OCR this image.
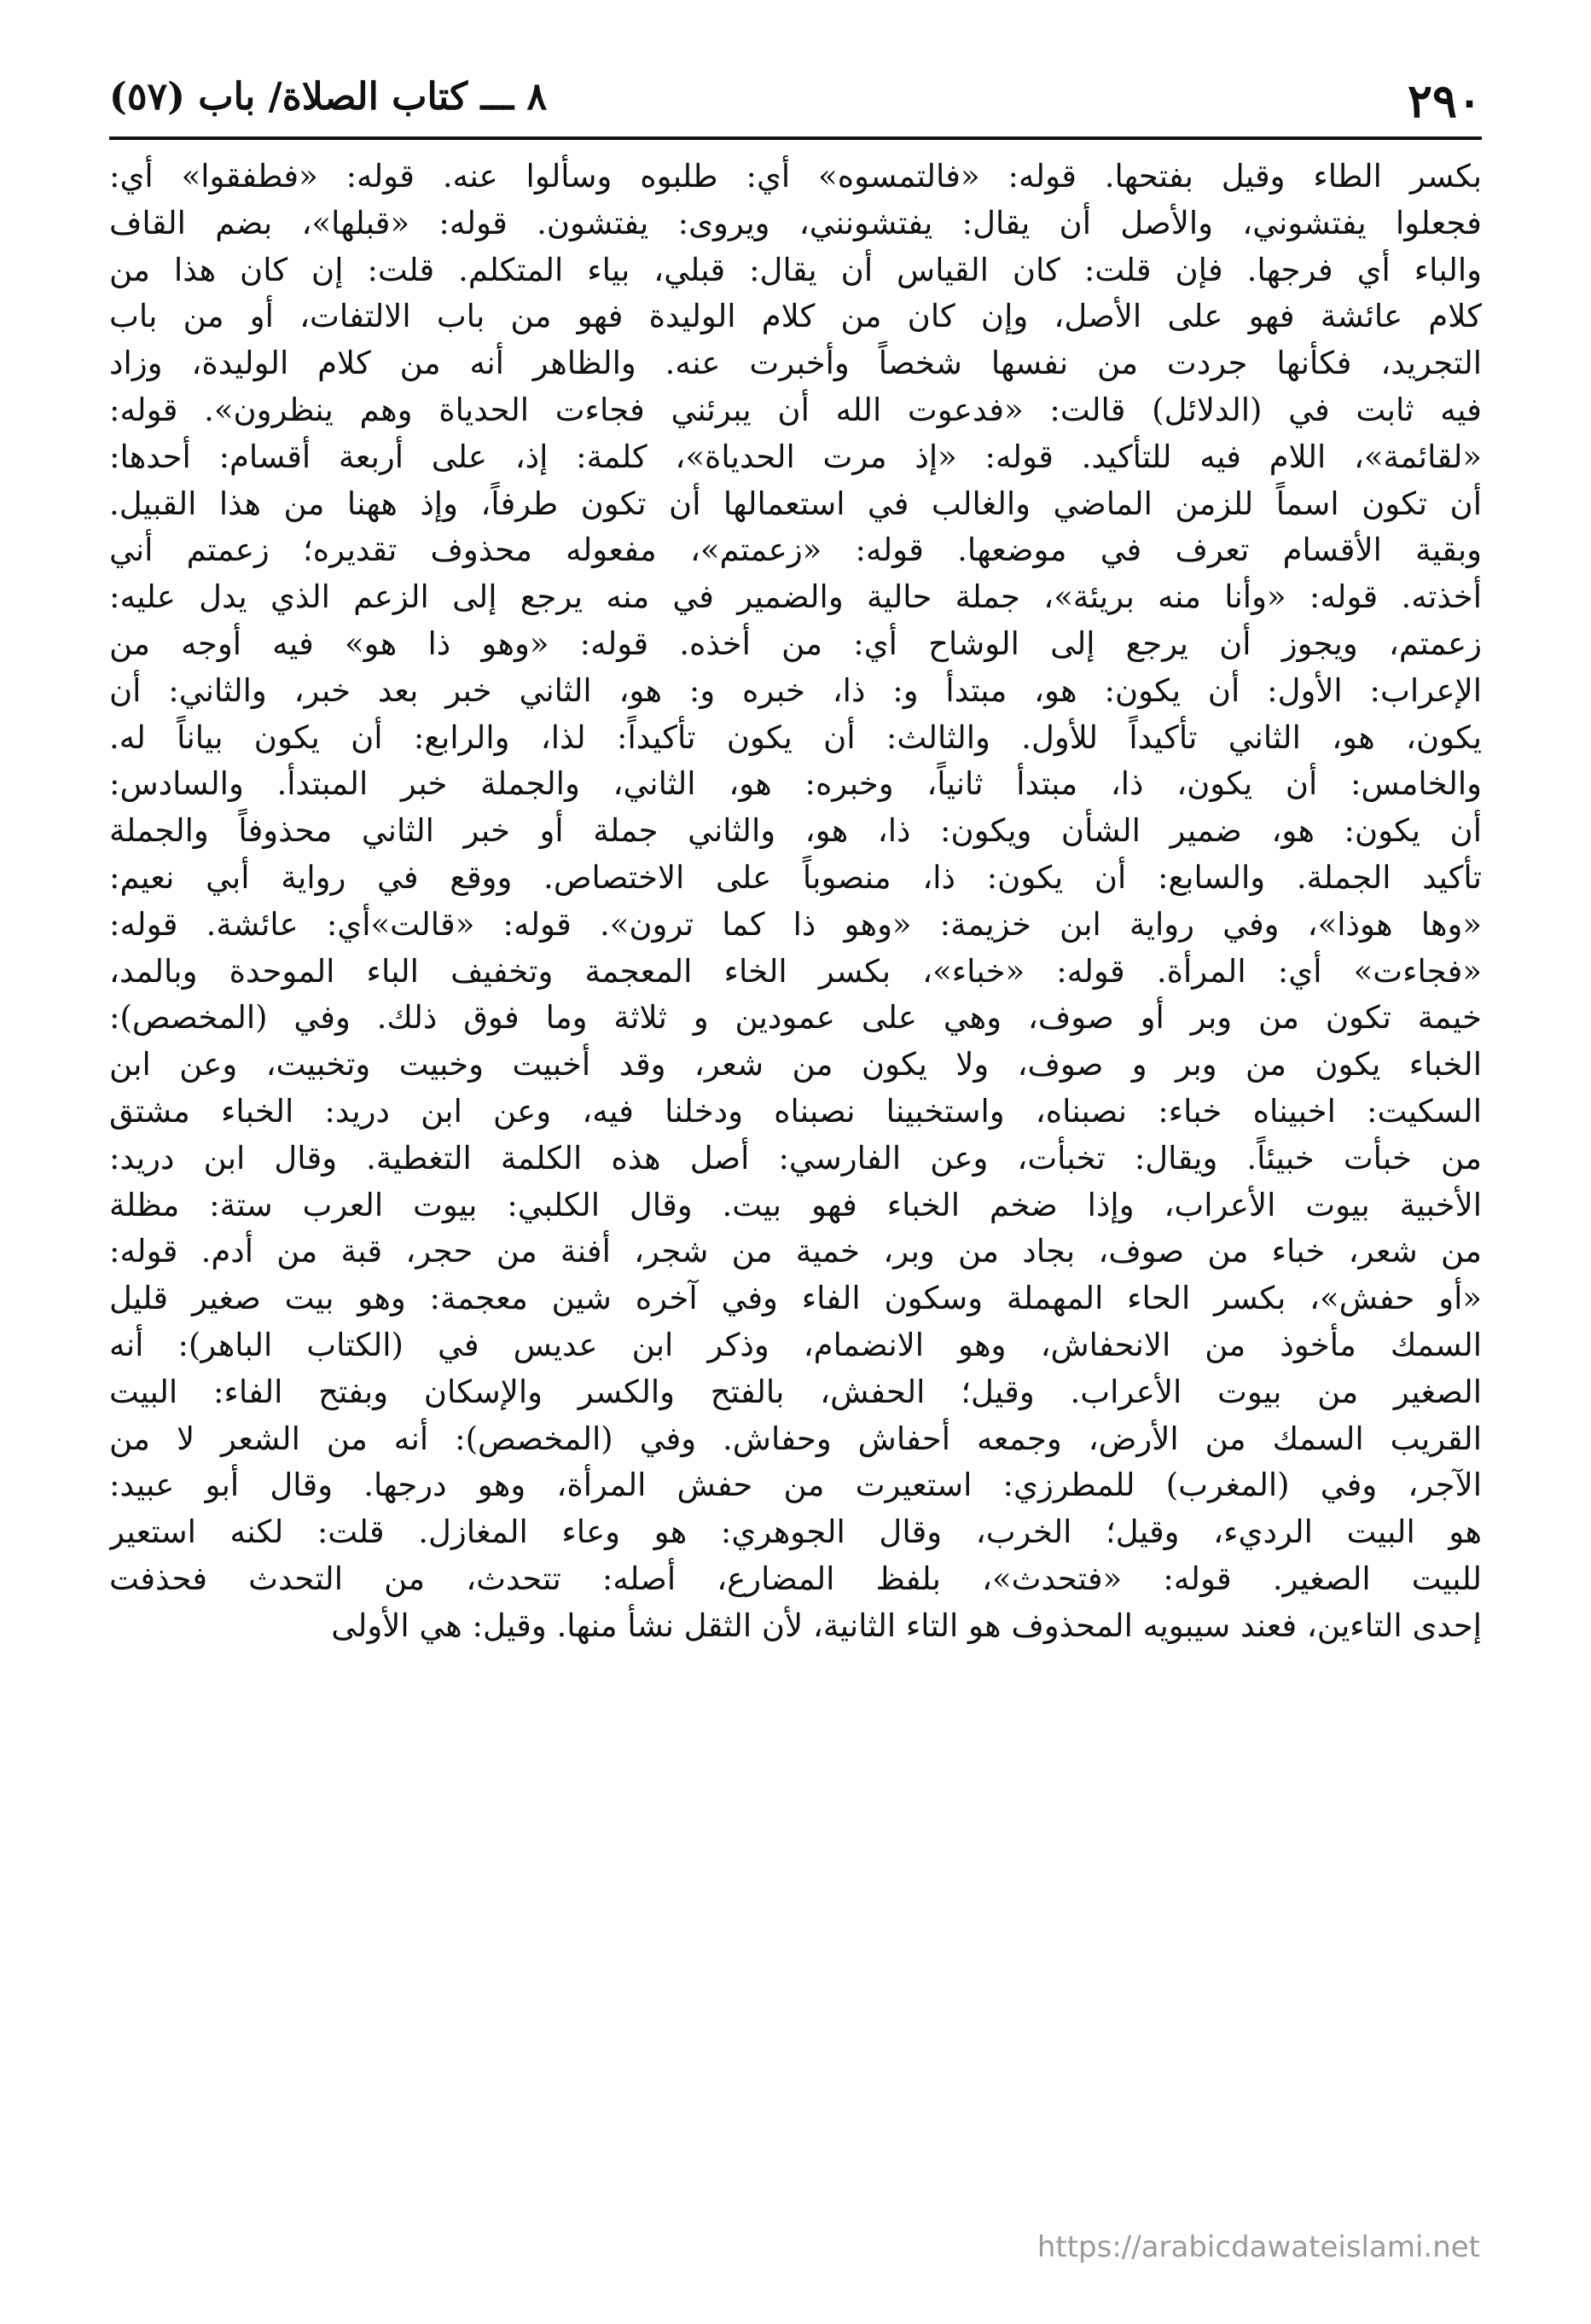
٢٩٠
٨ ـــ كتاب الصلاة/ باب (٥٧)
بكسر الطاء وقيل بفتحها. قوله: «فالتمسوه» أي: طلبوه وسألوا عنه. قوله: «فطفقوا» أي:
فجعلوا يفتشوني، والأصل أن يقال: يفتشونني، ويروى: يفتشون. قوله: «قبلها»، بضم القاف
والباء أي فرجها. فإن قلت: كان القياس أن يقال: قبلي، بياء المتكلم. قلت: إن كان هذا من
كلام عائشة فهو على الأصل، وإن كان من كلام الوليدة فهو من باب الالتفات، أو من باب
التجريد، فكأنها جردت من نفسها شخصاً وأخبرت عنه. والظاهر أنه من كلام الوليدة، وزاد
فيه ثابت في (الدلائل) قالت: «فدعوت الله أن يبرئني فجاءت الحدياة وهم ينظرون». قوله:
«لقائمة»، اللام فيه للتأكيد. قوله: «إذ مرت الحدياة»، كلمة: إذ، على أربعة أقسام: أحدها:
أن تكون اسماً للزمن الماضي والغالب في استعمالها أن تكون طرفاً، وإذ ههنا من هذا القبيل.
وبقية الأقسام تعرف في موضعها. قوله: «زعمتم»، مفعوله محذوف تقديره؛ زعمتم أني
أخذته. قوله: «وأنا منه بريئة»، جملة حالية والضمير في منه يرجع إلى الزعم الذي يدل عليه:
زعمتم، ويجوز أن يرجع إلى الوشاح أي: من أخذه. قوله: «وهو ذا هو» فيه أوجه من
الإعراب: الأول: أن يكون: هو، مبتدأ و: ذا، خبره و: هو، الثاني خبر بعد خبر، والثاني: أن
يكون، هو، الثاني تأكيداً للأول. والثالث: أن يكون تأكيداً: لذا، والرابع: أن يكون بياناً له.
والخامس: أن يكون، ذا، مبتدأ ثانياً، وخبره: هو، الثاني، والجملة خبر المبتدأ. والسادس:
أن يكون: هو، ضمير الشأن ويكون: ذا، هو، والثاني جملة أو خبر الثاني محذوفاً والجملة
تأكيد الجملة. والسابع: أن يكون: ذا، منصوباً على الاختصاص. ووقع في رواية أبي نعيم:
«وها هوذا»، وفي رواية ابن خزيمة: «وهو ذا كما ترون». قوله: «قالت»أي: عائشة. قوله:
«فجاءت» أي: المرأة. قوله: «خباء»، بكسر الخاء المعجمة وتخفيف الباء الموحدة وبالمد،
خيمة تكون من وبر أو صوف، وهي على عمودين و ثلاثة وما فوق ذلك. وفي (المخصص):
الخباء يكون من وبر و صوف، ولا يكون من شعر، وقد أخبيت وخبيت وتخبيت، وعن ابن
السكيت: اخبيناه خباء: نصبناه، واستخبينا نصبناه ودخلنا فيه، وعن ابن دريد: الخباء مشتق
من خبأت خبيئاً. ويقال: تخبأت، وعن الفارسي: أصل هذه الكلمة التغطية. وقال ابن دريد:
الأخبية بيوت الأعراب، وإذا ضخم الخباء فهو بيت. وقال الكلبي: بيوت العرب ستة: مظلة
من شعر، خباء من صوف، بجاد من وبر، خمية من شجر، أفنة من حجر، قبة من أدم. قوله:
«أو حفش»، بكسر الحاء المهملة وسكون الفاء وفي آخره شين معجمة: وهو بيت صغير قليل
السمك مأخوذ من الانحفاش، وهو الانضمام، وذكر ابن عديس في (الكتاب الباهر): أنه
الصغير من بيوت الأعراب. وقيل؛ الحفش، بالفتح والكسر والإسكان وبفتح الفاء: البيت
القريب السمك من الأرض، وجمعه أحفاش وحفاش. وفي (المخصص): أنه من الشعر لا من
الآجر، وفي (المغرب) للمطرزي: استعيرت من حفش المرأة، وهو درجها. وقال أبو عبيد:
هو البيت الرديء، وقيل؛ الخرب، وقال الجوهري: هو وعاء المغازل. قلت: لكنه استعير
للبيت الصغير. قوله: «فتحدث»، بلفظ المضارع، أصله: تتحدث، من التحدث فحذفت
إحدى التاءين، فعند سيبويه المحذوف هو التاء الثانية، لأن الثقل نشأ منها. وقيل: هي الأولى
https://arabicdawateislami.net
